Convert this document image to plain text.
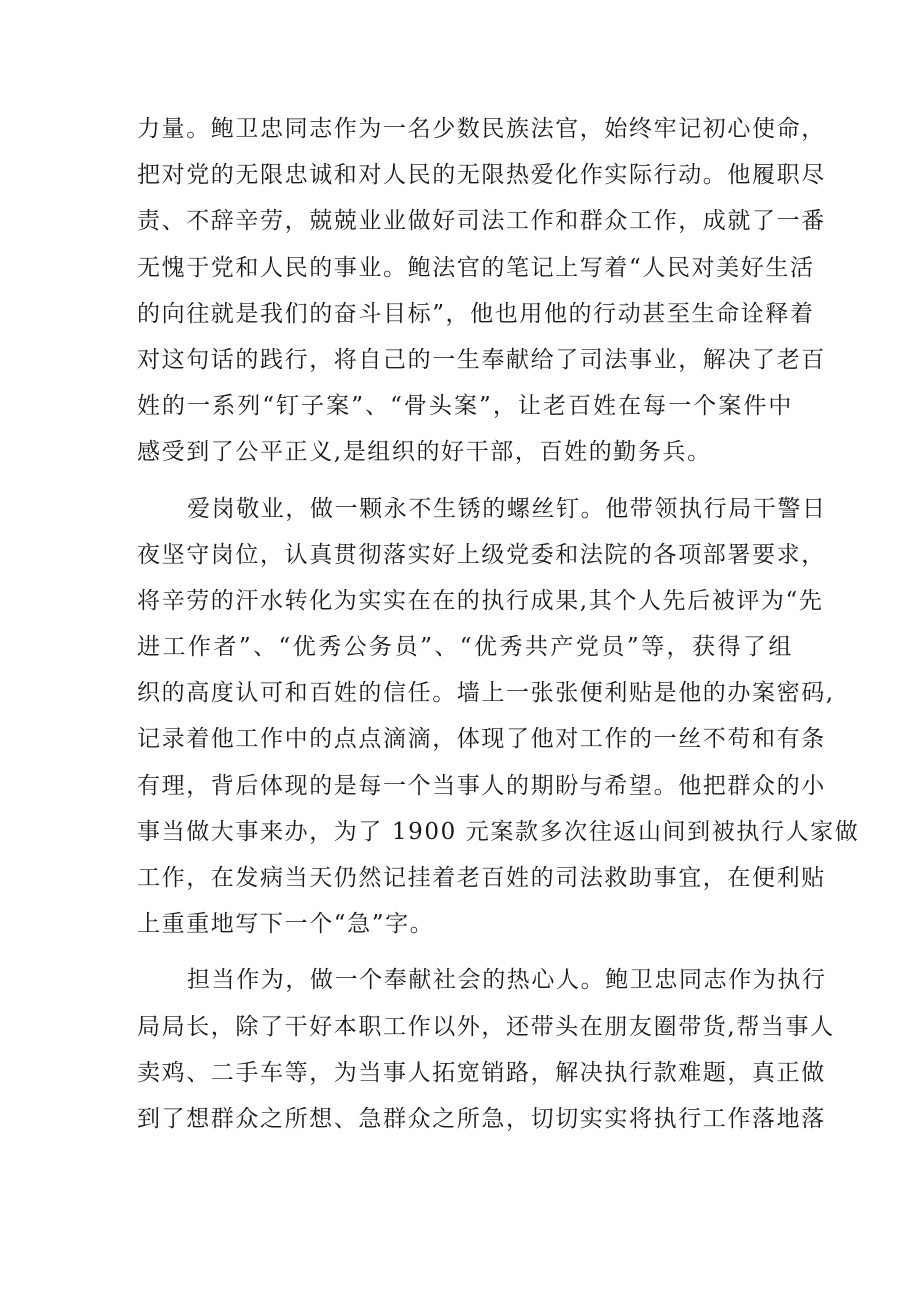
力量。鲍卫忠同志作为一名少数民族法官，始终牢记初心使命，
把对党的无限忠诚和对人民的无限热爱化作实际行动。他履职尽
责、不辞辛劳，兢兢业业做好司法工作和群众工作，成就了一番
无愧于党和人民的事业。鲍法官的笔记上写着“人民对美好生活
的向往就是我们的奋斗目标”，他也用他的行动甚至生命诠释着
对这句话的践行，将自己的一生奉献给了司法事业，解决了老百
姓的一系列“钉子案”、“骨头案”，让老百姓在每一个案件中
感受到了公平正义,是组织的好干部，百姓的勤务兵。
爱岗敬业，做一颗永不生锈的螺丝钉。他带领执行局干警日
夜坚守岗位，认真贯彻落实好上级党委和法院的各项部署要求，
将辛劳的汗水转化为实实在在的执行成果,其个人先后被评为“先
进工作者”、“优秀公务员”、“优秀共产党员”等，获得了组
织的高度认可和百姓的信任。墙上一张张便利贴是他的办案密码,
记录着他工作中的点点滴滴，体现了他对工作的一丝不苟和有条
有理，背后体现的是每一个当事人的期盼与希望。他把群众的小
事当做大事来办，为了 1900 元案款多次往返山间到被执行人家做
工作，在发病当天仍然记挂着老百姓的司法救助事宜，在便利贴
上重重地写下一个“急”字。
担当作为，做一个奉献社会的热心人。鲍卫忠同志作为执行
局局长，除了干好本职工作以外，还带头在朋友圈带货,帮当事人
卖鸡、二手车等，为当事人拓宽销路，解决执行款难题，真正做
到了想群众之所想、急群众之所急，切切实实将执行工作落地落
